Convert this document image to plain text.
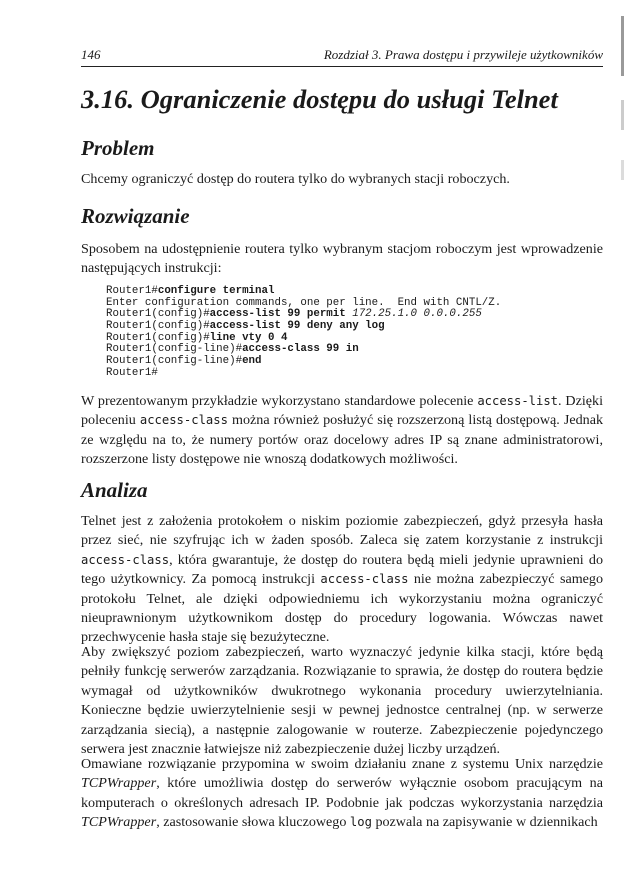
146	Rozdział 3. Prawa dostępu i przywileje użytkowników
3.16. Ograniczenie dostępu do usługi Telnet
Problem

Chcemy ograniczyć dostęp do routera tylko do wybranych stacji roboczych.

Rozwiązanie

Sposobem na udostępnienie routera tylko wybranym stacjom roboczym jest wprowadzenie następujących instrukcji:

Router1#configure terminal
Enter configuration commands, one per line.  End with CNTL/Z.
Router1(config)#access-list 99 permit 172.25.1.0 0.0.0.255
Router1(config)#access-list 99 deny any log
Router1(config)#line vty 0 4
Router1(config-line)#access-class 99 in
Router1(config-line)#end
Router1#

W prezentowanym przykładzie wykorzystano standardowe polecenie access-list. Dzięki poleceniu access-class można również posłużyć się rozszerzoną listą dostępową. Jednak ze względu na to, że numery portów oraz docelowy adres IP są znane administratorowi, rozszerzone listy dostępowe nie wnoszą dodatkowych możliwości.

Analiza

Telnet jest z założenia protokołem o niskim poziomie zabezpieczeń, gdyż przesyła hasła przez sieć, nie szyfrując ich w żaden sposób. Zaleca się zatem korzystanie z instrukcji access-class, która gwarantuje, że dostęp do routera będą mieli jedynie uprawnieni do tego użytkownicy. Za pomocą instrukcji access-class nie można zabezpieczyć samego protokołu Telnet, ale dzięki odpowiedniemu ich wykorzystaniu można ograniczyć nieuprawnionym użytkownikom dostęp do procedury logowania. Wówczas nawet przechwycenie hasła staje się bezużyteczne.

Aby zwiększyć poziom zabezpieczeń, warto wyznaczyć jedynie kilka stacji, które będą pełniły funkcję serwerów zarządzania. Rozwiązanie to sprawia, że dostęp do routera będzie wymagał od użytkowników dwukrotnego wykonania procedury uwierzytelniania. Konieczne będzie uwierzytelnienie sesji w pewnej jednostce centralnej (np. w serwerze zarządzania siecią), a następnie zalogowanie w routerze. Zabezpieczenie pojedynczego serwera jest znacznie łatwiejsze niż zabezpieczenie dużej liczby urządzeń.

Omawiane rozwiązanie przypomina w swoim działaniu znane z systemu Unix narzędzie TCPWrapper, które umożliwia dostęp do serwerów wyłącznie osobom pracującym na komputerach o określonych adresach IP. Podobnie jak podczas wykorzystania narzędzia TCPWrapper, zastosowanie słowa kluczowego log pozwala na zapisywanie w dziennikach
